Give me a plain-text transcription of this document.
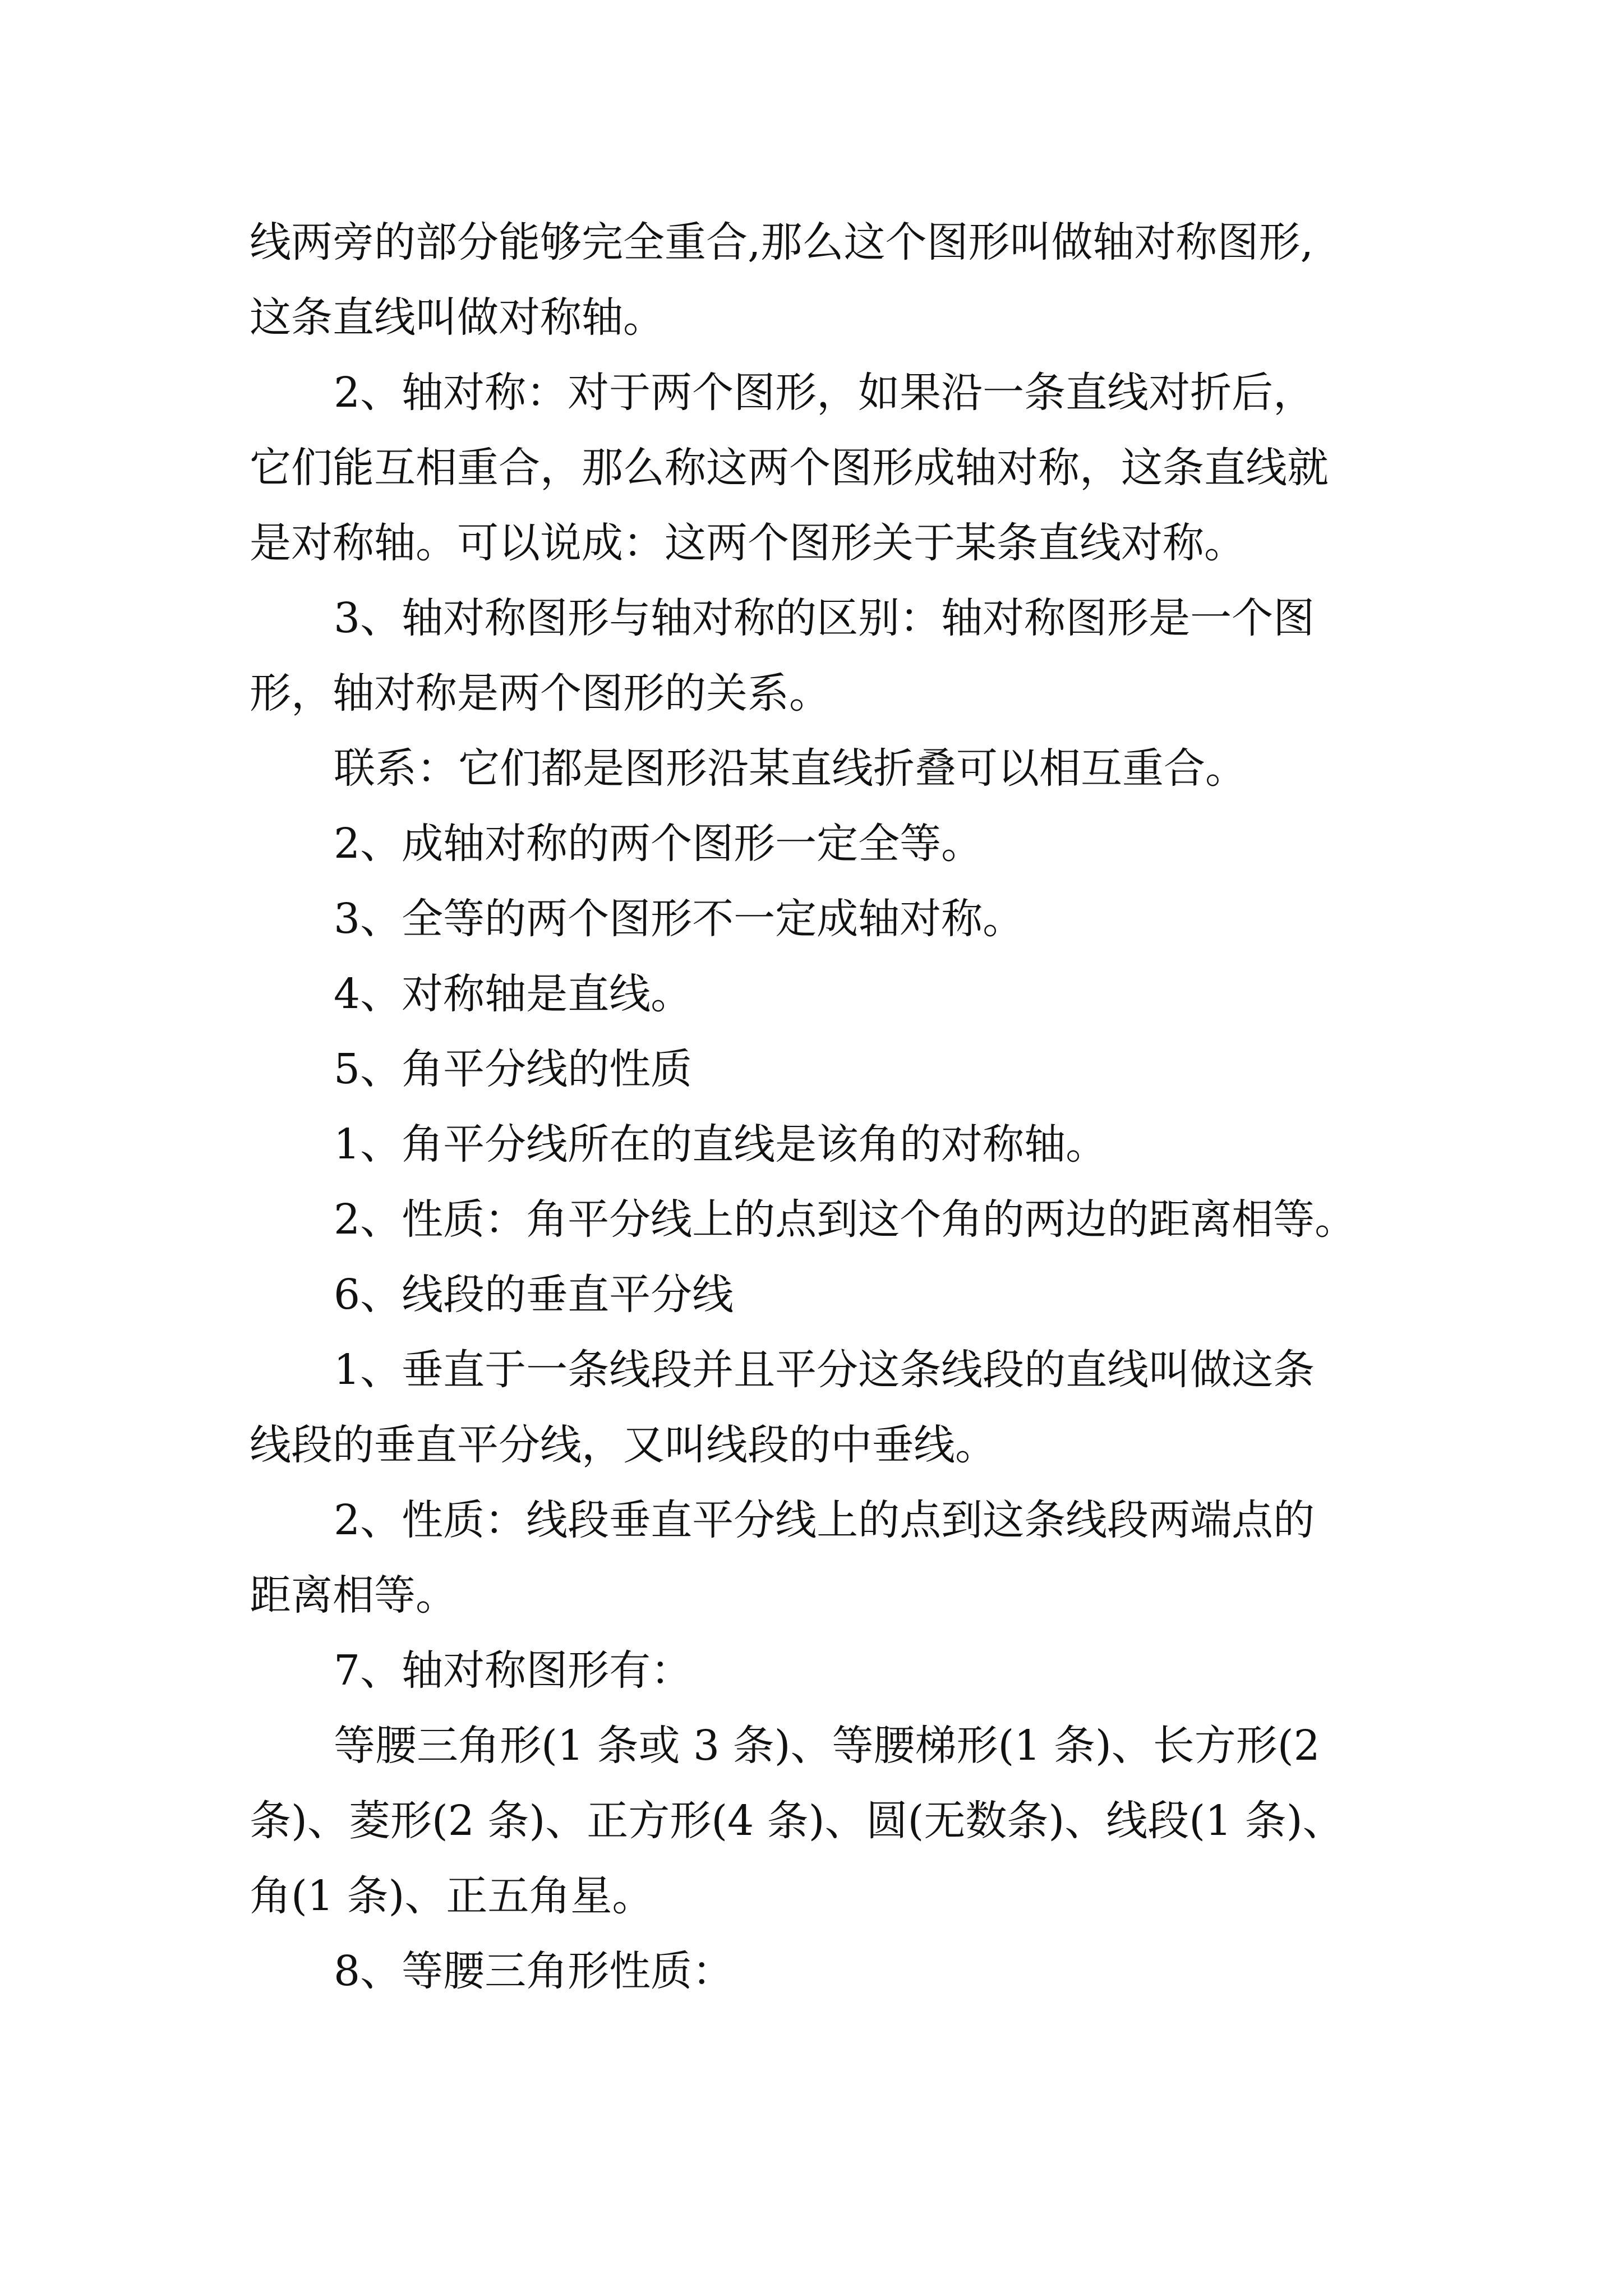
线两旁的部分能够完全重合,那么这个图形叫做轴对称图形,
这条直线叫做对称轴。
2、轴对称：对于两个图形，如果沿一条直线对折后，
它们能互相重合，那么称这两个图形成轴对称，这条直线就
是对称轴。可以说成：这两个图形关于某条直线对称。
3、轴对称图形与轴对称的区别：轴对称图形是一个图
形，轴对称是两个图形的关系。
联系：它们都是图形沿某直线折叠可以相互重合。
2、成轴对称的两个图形一定全等。
3、全等的两个图形不一定成轴对称。
4、对称轴是直线。
5、角平分线的性质
1、角平分线所在的直线是该角的对称轴。
2、性质：角平分线上的点到这个角的两边的距离相等。
6、线段的垂直平分线
1、垂直于一条线段并且平分这条线段的直线叫做这条
线段的垂直平分线，又叫线段的中垂线。
2、性质：线段垂直平分线上的点到这条线段两端点的
距离相等。
7、轴对称图形有：
等腰三角形(1 条或 3 条)、等腰梯形(1 条)、长方形(2
条)、菱形(2 条)、正方形(4 条)、圆(无数条)、线段(1 条)、
角(1 条)、正五角星。
8、等腰三角形性质：
